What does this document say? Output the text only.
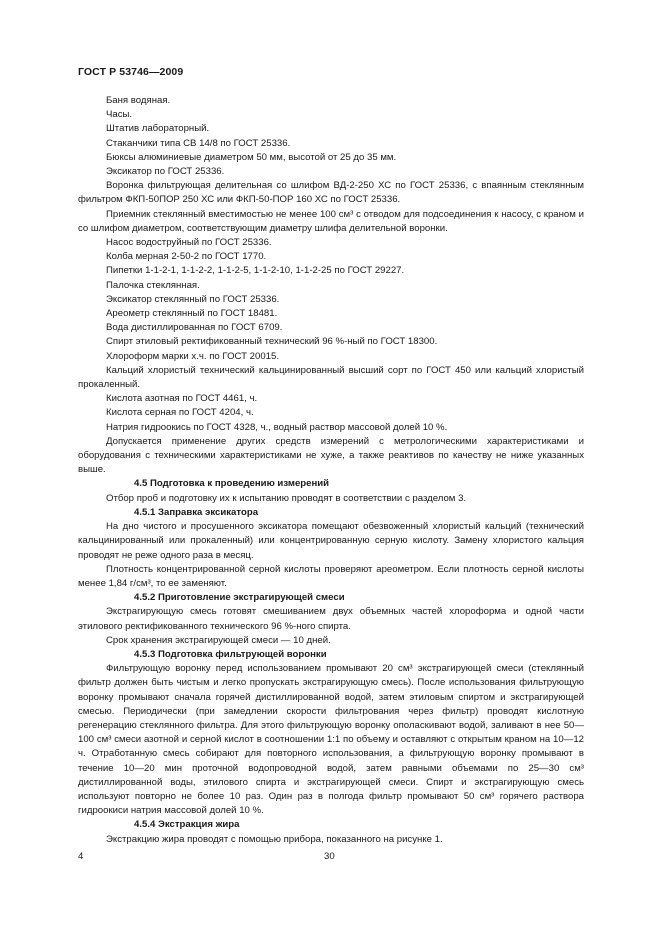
ГОСТ Р 53746—2009

Баня водяная.

Часы.

Штатив лабораторный.

Стаканчики типа СВ 14/8 по ГОСТ 25336.

Бюксы алюминиевые диаметром 50 мм, высотой от 25 до 35 мм.

Эксикатор по ГОСТ 25336.

Воронка фильтрующая делительная со шлифом ВД-2-250 ХС по ГОСТ 25336, с впаянным стеклянным фильтром ФКП-50ПОР 250 ХС или ФКП-50-ПОР 160 ХС по ГОСТ 25336.

Приемник стеклянный вместимостью не менее 100 см³ с отводом для подсоединения к насосу, с краном и со шлифом диаметром, соответствующим диаметру шлифа делительной воронки.

Насос водоструйный по ГОСТ 25336.

Колба мерная 2-50-2 по ГОСТ 1770.

Пипетки 1-1-2-1, 1-1-2-2, 1-1-2-5, 1-1-2-10, 1-1-2-25 по ГОСТ 29227.

Палочка стеклянная.

Эксикатор стеклянный по ГОСТ 25336.

Ареометр стеклянный по ГОСТ 18481.

Вода дистиллированная по ГОСТ 6709.

Спирт этиловый ректификованный технический 96 %-ный по ГОСТ 18300.

Хлороформ марки х.ч. по ГОСТ 20015.

Кальций хлористый технический кальцинированный высший сорт по ГОСТ 450 или кальций хлористый прокаленный.

Кислота азотная по ГОСТ 4461, ч.

Кислота серная по ГОСТ 4204, ч.

Натрия гидроокись по ГОСТ 4328, ч., водный раствор массовой долей 10 %.

Допускается применение других средств измерений с метрологическими характеристиками и оборудования с техническими характеристиками не хуже, а также реактивов по качеству не ниже указанных выше.

4.5 Подготовка к проведению измерений

Отбор проб и подготовку их к испытанию проводят в соответствии с разделом 3.

4.5.1 Заправка эксикатора

На дно чистого и просушенного эксикатора помещают обезвоженный хлористый кальций (технический кальцинированный или прокаленный) или концентрированную серную кислоту. Замену хлористого кальция проводят не реже одного раза в месяц.

Плотность концентрированной серной кислоты проверяют ареометром. Если плотность серной кислоты менее 1,84 г/см³, то ее заменяют.

4.5.2 Приготовление экстрагирующей смеси

Экстрагирующую смесь готовят смешиванием двух объемных частей хлороформа и одной части этилового ректификованного технического 96 %-ного спирта.

Срок хранения экстрагирующей смеси — 10 дней.

4.5.3 Подготовка фильтрующей воронки

Фильтрующую воронку перед использованием промывают 20 см³ экстрагирующей смеси (стеклянный фильтр должен быть чистым и легко пропускать экстрагирующую смесь). После использования фильтрующую воронку промывают сначала горячей дистиллированной водой, затем этиловым спиртом и экстрагирующей смесью. Периодически (при замедлении скорости фильтрования через фильтр) проводят кислотную регенерацию стеклянного фильтра. Для этого фильтрующую воронку ополаскивают водой, заливают в нее 50—100 см³ смеси азотной и серной кислот в соотношении 1:1 по объему и оставляют с открытым краном на 10—12 ч. Отработанную смесь собирают для повторного использования, а фильтрующую воронку промывают в течение 10—20 мин проточной водопроводной водой, затем равными объемами по 25—30 см³ дистиллированной воды, этилового спирта и экстрагирующей смеси. Спирт и экстрагирующую смесь используют повторно не более 10 раз. Один раз в полгода фильтр промывают 50 см³ горячего раствора гидроокиси натрия массовой долей 10 %.

4.5.4 Экстракция жира

Экстракцию жира проводят с помощью прибора, показанного на рисунке 1.

4	30
